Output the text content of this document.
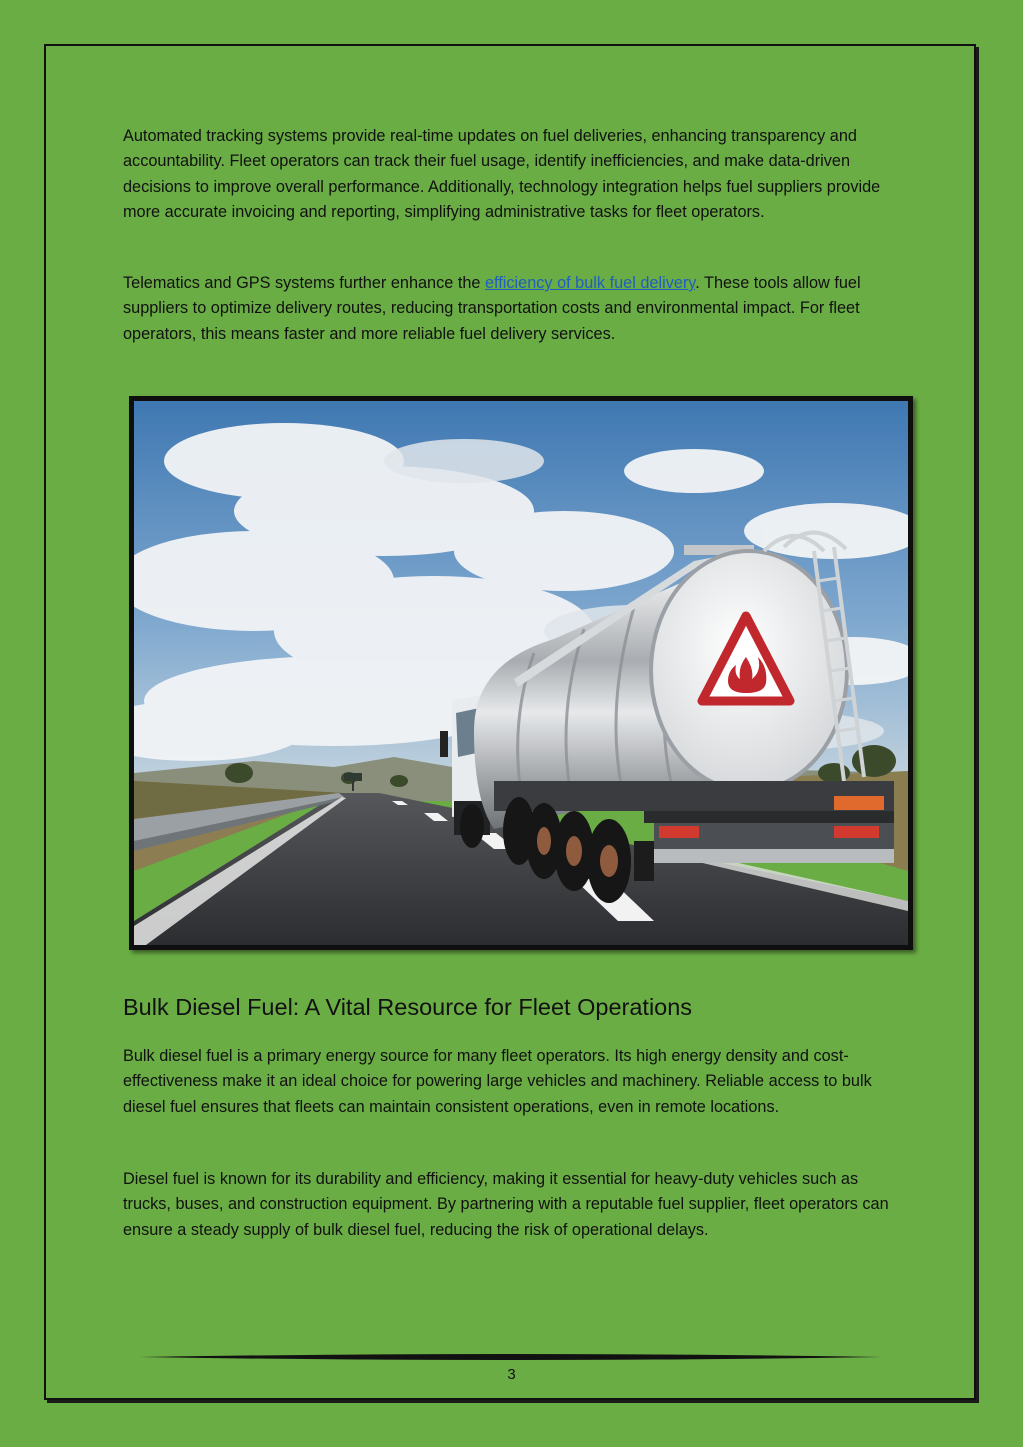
Automated tracking systems provide real-time updates on fuel deliveries, enhancing transparency and accountability. Fleet operators can track their fuel usage, identify inefficiencies, and make data-driven decisions to improve overall performance. Additionally, technology integration helps fuel suppliers provide more accurate invoicing and reporting, simplifying administrative tasks for fleet operators.

Telematics and GPS systems further enhance the efficiency of bulk fuel delivery. These tools allow fuel suppliers to optimize delivery routes, reducing transportation costs and environmental impact. For fleet operators, this means faster and more reliable fuel delivery services.

Bulk Diesel Fuel: A Vital Resource for Fleet Operations

Bulk diesel fuel is a primary energy source for many fleet operators. Its high energy density and cost-effectiveness make it an ideal choice for powering large vehicles and machinery. Reliable access to bulk diesel fuel ensures that fleets can maintain consistent operations, even in remote locations.

Diesel fuel is known for its durability and efficiency, making it essential for heavy-duty vehicles such as trucks, buses, and construction equipment. By partnering with a reputable fuel supplier, fleet operators can ensure a steady supply of bulk diesel fuel, reducing the risk of operational delays.

3
